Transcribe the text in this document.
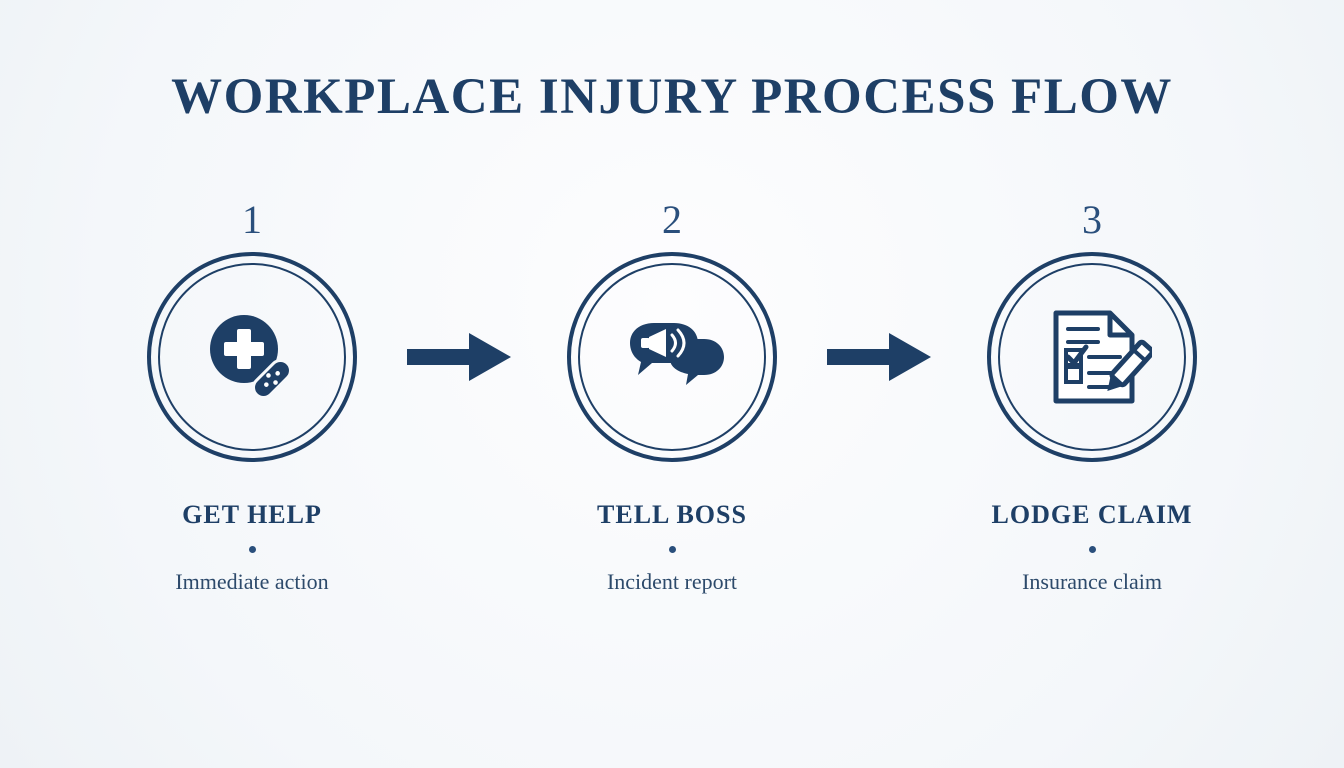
WORKPLACE INJURY PROCESS FLOW
1
GET HELP
Immediate action
2
TELL BOSS
Incident report
3
LODGE CLAIM
Insurance claim
